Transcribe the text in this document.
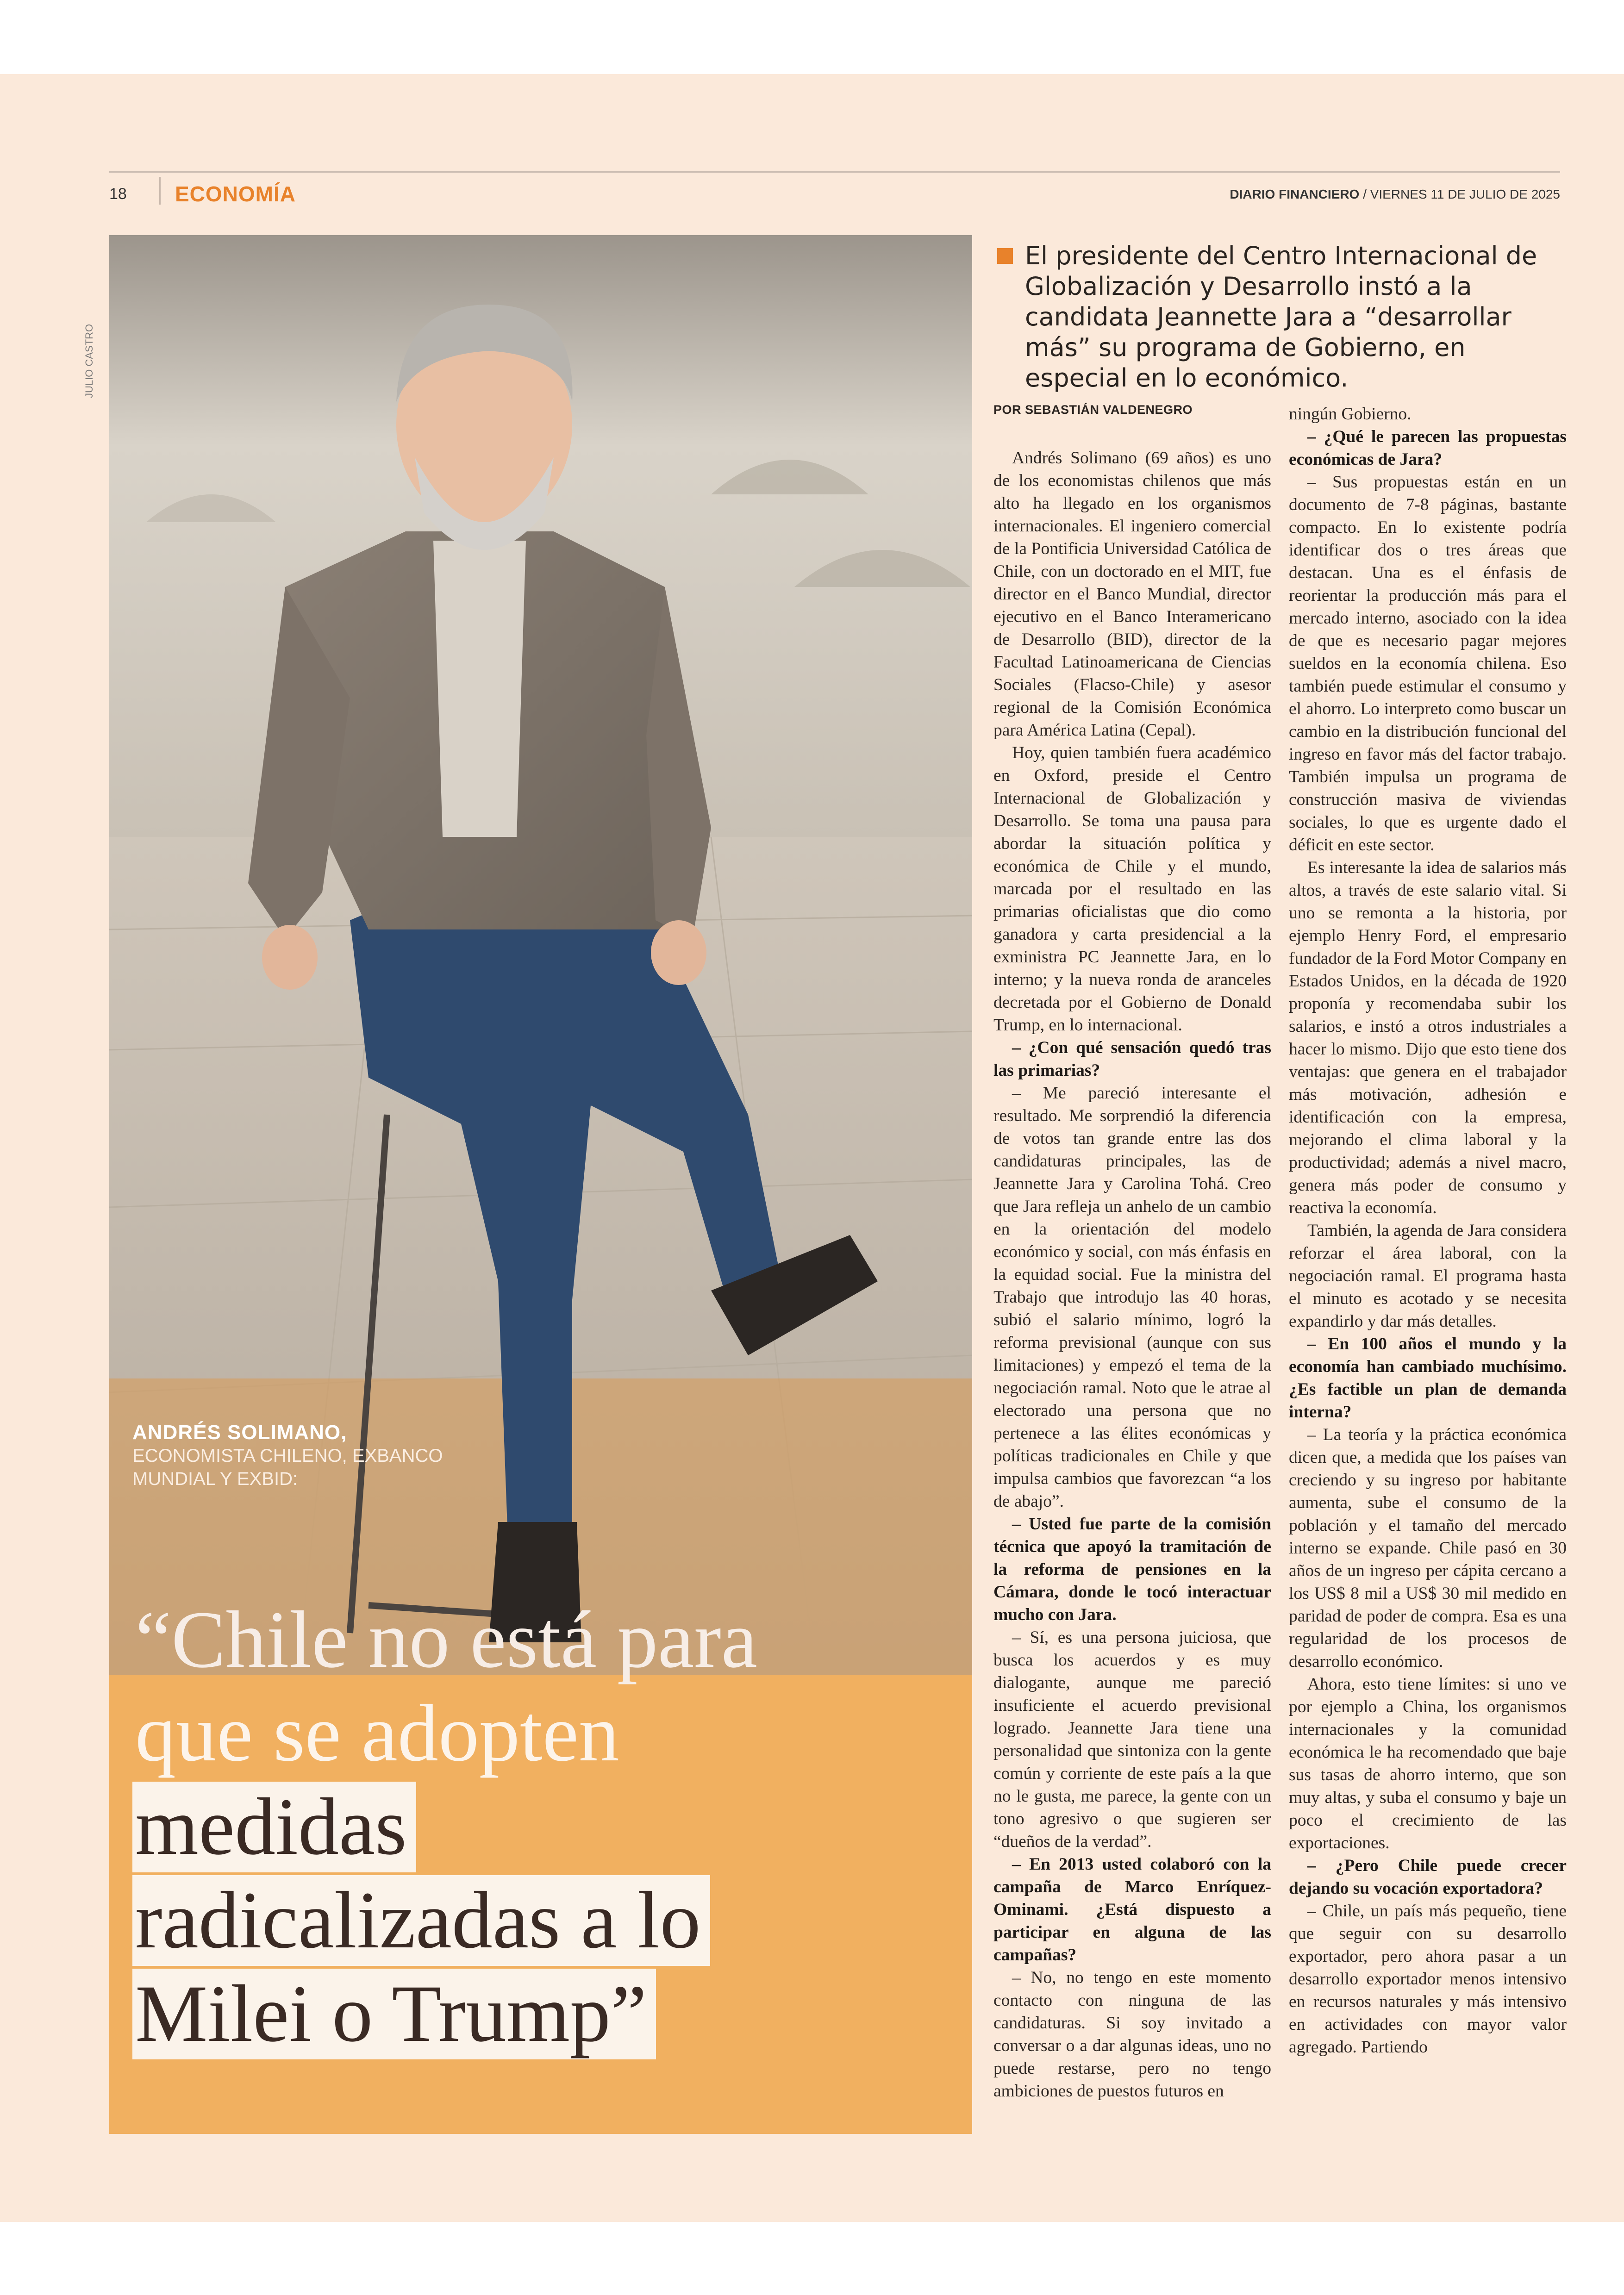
18 ECONOMÍA	DIARIO FINANCIERO / VIERNES 11 DE JULIO DE 2025
JULIO CASTRO
ANDRÉS SOLIMANO,
ECONOMISTA CHILENO, EXBANCO
MUNDIAL Y EXBID:
“Chile no está para
que se adopten
medidas
radicalizadas a lo
Milei o Trump”
El presidente del Centro Internacional de Globalización y Desarrollo instó a la candidata Jeannette Jara a “desarrollar más” su programa de Gobierno, en especial en lo económico.
POR SEBASTIÁN VALDENEGRO

Andrés Solimano (69 años) es uno de los economistas chilenos que más alto ha llegado en los organismos internacionales. El ingeniero comercial de la Pontificia Universidad Católica de Chile, con un doctorado en el MIT, fue director en el Banco Mundial, director ejecutivo en el Banco Interamericano de Desarrollo (BID), director de la Facultad Latinoamericana de Ciencias Sociales (Flacso-Chile) y asesor regional de la Comisión Económica para América Latina (Cepal).

Hoy, quien también fuera académico en Oxford, preside el Centro Internacional de Globalización y Desarrollo. Se toma una pausa para abordar la situación política y económica de Chile y el mundo, marcada por el resultado en las primarias oficialistas que dio como ganadora y carta presidencial a la exministra PC Jeannette Jara, en lo interno; y la nueva ronda de aranceles decretada por el Gobierno de Donald Trump, en lo internacional.

– ¿Con qué sensación quedó tras las primarias?

– Me pareció interesante el resultado. Me sorprendió la diferencia de votos tan grande entre las dos candidaturas principales, las de Jeannette Jara y Carolina Tohá. Creo que Jara refleja un anhelo de un cambio en la orientación del modelo económico y social, con más énfasis en la equidad social. Fue la ministra del Trabajo que introdujo las 40 horas, subió el salario mínimo, logró la reforma previsional (aunque con sus limitaciones) y empezó el tema de la negociación ramal. Noto que le atrae al electorado una persona que no pertenece a las élites económicas y políticas tradicionales en Chile y que impulsa cambios que favorezcan “a los de abajo”.

– Usted fue parte de la comisión técnica que apoyó la tramitación de la reforma de pensiones en la Cámara, donde le tocó interactuar mucho con Jara.

– Sí, es una persona juiciosa, que busca los acuerdos y es muy dialogante, aunque me pareció insuficiente el acuerdo previsional logrado. Jeannette Jara tiene una personalidad que sintoniza con la gente común y corriente de este país a la que no le gusta, me parece, la gente con un tono agresivo o que sugieren ser “dueños de la verdad”.

– En 2013 usted colaboró con la campaña de Marco Enríquez-Ominami. ¿Está dispuesto a participar en alguna de las campañas?

– No, no tengo en este momento contacto con ninguna de las candidaturas. Si soy invitado a conversar o a dar algunas ideas, uno no puede restarse, pero no tengo ambiciones de puestos futuros en

ningún Gobierno.

– ¿Qué le parecen las propuestas económicas de Jara?

– Sus propuestas están en un documento de 7-8 páginas, bastante compacto. En lo existente podría identificar dos o tres áreas que destacan. Una es el énfasis de reorientar la producción más para el mercado interno, asociado con la idea de que es necesario pagar mejores sueldos en la economía chilena. Eso también puede estimular el consumo y el ahorro. Lo interpreto como buscar un cambio en la distribución funcional del ingreso en favor más del factor trabajo. También impulsa un programa de construcción masiva de viviendas sociales, lo que es urgente dado el déficit en este sector.

Es interesante la idea de salarios más altos, a través de este salario vital. Si uno se remonta a la historia, por ejemplo Henry Ford, el empresario fundador de la Ford Motor Company en Estados Unidos, en la década de 1920 proponía y recomendaba subir los salarios, e instó a otros industriales a hacer lo mismo. Dijo que esto tiene dos ventajas: que genera en el trabajador más motivación, adhesión e identificación con la empresa, mejorando el clima laboral y la productividad; además a nivel macro, genera más poder de consumo y reactiva la economía.

También, la agenda de Jara considera reforzar el área laboral, con la negociación ramal. El programa hasta el minuto es acotado y se necesita expandirlo y dar más detalles.

– En 100 años el mundo y la economía han cambiado muchísimo. ¿Es factible un plan de demanda interna?

– La teoría y la práctica económica dicen que, a medida que los países van creciendo y su ingreso por habitante aumenta, sube el consumo de la población y el tamaño del mercado interno se expande. Chile pasó en 30 años de un ingreso per cápita cercano a los US$ 8 mil a US$ 30 mil medido en paridad de poder de compra. Esa es una regularidad de los procesos de desarrollo económico.

Ahora, esto tiene límites: si uno ve por ejemplo a China, los organismos internacionales y la comunidad económica le ha recomendado que baje sus tasas de ahorro interno, que son muy altas, y suba el consumo y baje un poco el crecimiento de las exportaciones.

– ¿Pero Chile puede crecer dejando su vocación exportadora?

– Chile, un país más pequeño, tiene que seguir con su desarrollo exportador, pero ahora pasar a un desarrollo exportador menos intensivo en recursos naturales y más intensivo en actividades con mayor valor agregado. Partiendo
